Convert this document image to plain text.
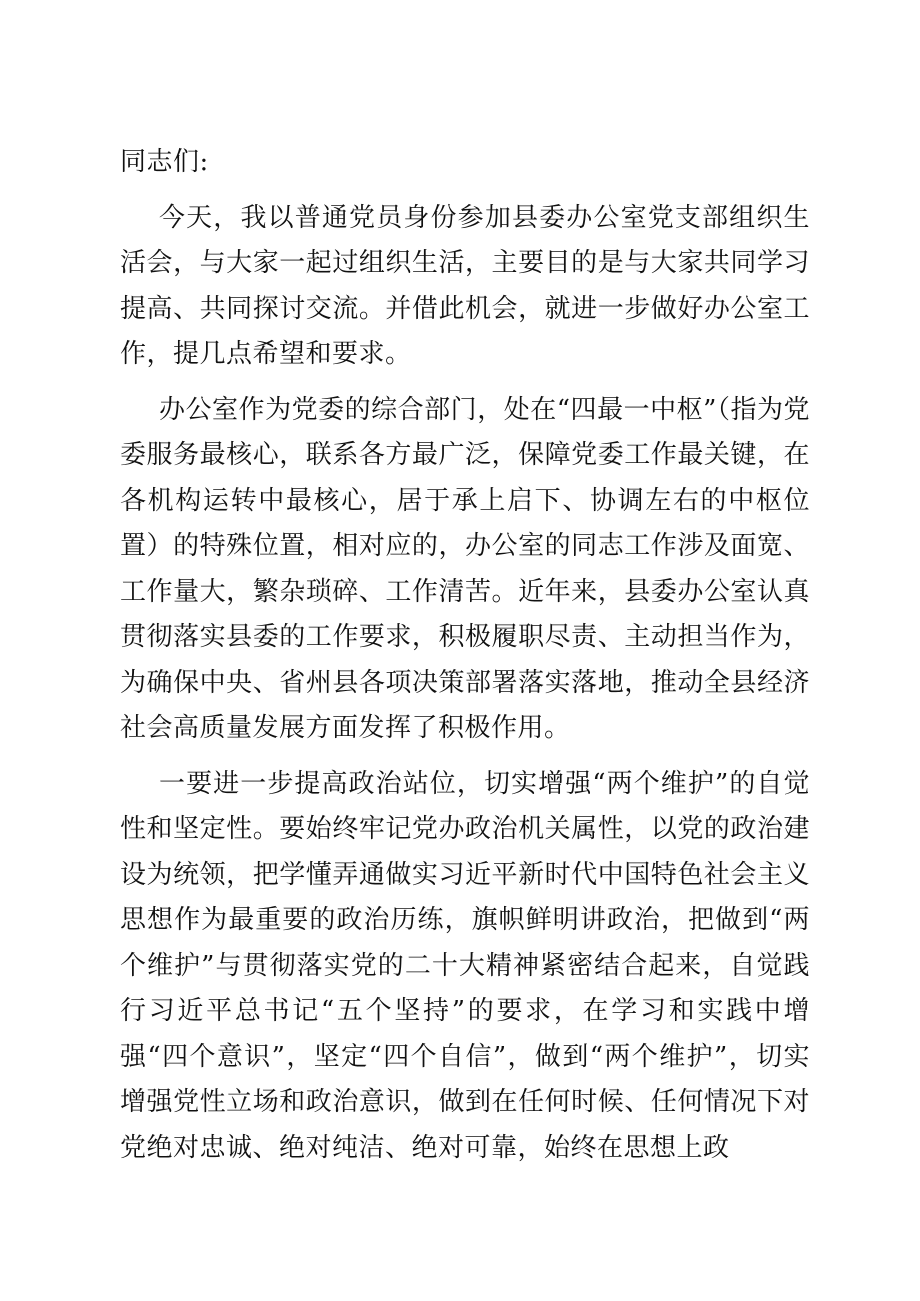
同志们:

今天，我以普通党员身份参加县委办公室党支部组织生活会，与大家一起过组织生活，主要目的是与大家共同学习提高、共同探讨交流。并借此机会，就进一步做好办公室工作，提几点希望和要求。

办公室作为党委的综合部门，处在“四最一中枢”（指为党委服务最核心，联系各方最广泛，保障党委工作最关键，在各机构运转中最核心，居于承上启下、协调左右的中枢位置）的特殊位置，相对应的，办公室的同志工作涉及面宽、工作量大，繁杂琐碎、工作清苦。近年来，县委办公室认真贯彻落实县委的工作要求，积极履职尽责、主动担当作为，为确保中央、省州县各项决策部署落实落地，推动全县经济社会高质量发展方面发挥了积极作用。

一要进一步提高政治站位，切实增强“两个维护”的自觉性和坚定性。要始终牢记党办政治机关属性，以党的政治建设为统领，把学懂弄通做实习近平新时代中国特色社会主义思想作为最重要的政治历练，旗帜鲜明讲政治，把做到“两个维护”与贯彻落实党的二十大精神紧密结合起来，自觉践行习近平总书记“五个坚持”的要求，在学习和实践中增强“四个意识”，坚定“四个自信”，做到“两个维护”，切实增强党性立场和政治意识，做到在任何时候、任何情况下对党绝对忠诚、绝对纯洁、绝对可靠，始终在思想上政
